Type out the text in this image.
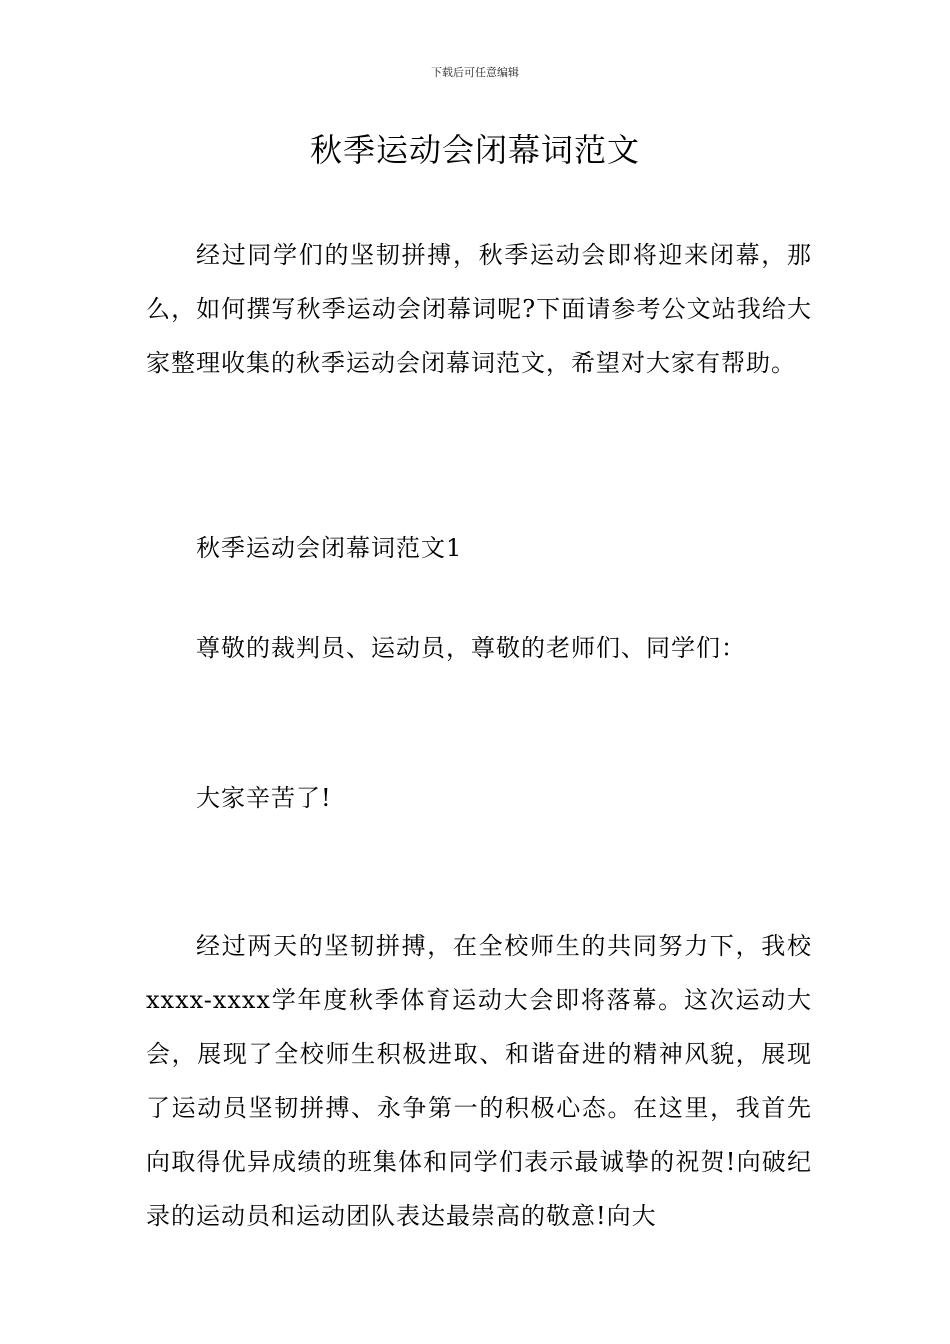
下载后可任意编辑
秋季运动会闭幕词范文

经过同学们的坚韧拼搏，秋季运动会即将迎来闭幕，那么，如何撰写秋季运动会闭幕词呢?下面请参考公文站我给大家整理收集的秋季运动会闭幕词范文，希望对大家有帮助。

秋季运动会闭幕词范文1

尊敬的裁判员、运动员，尊敬的老师们、同学们：

大家辛苦了!

经过两天的坚韧拼搏，在全校师生的共同努力下，我校xxxx-xxxx学年度秋季体育运动大会即将落幕。这次运动大会，展现了全校师生积极进取、和谐奋进的精神风貌，展现了运动员坚韧拼搏、永争第一的积极心态。在这里，我首先向取得优异成绩的班集体和同学们表示最诚挚的祝贺!向破纪录的运动员和运动团队表达最崇高的敬意!向大
